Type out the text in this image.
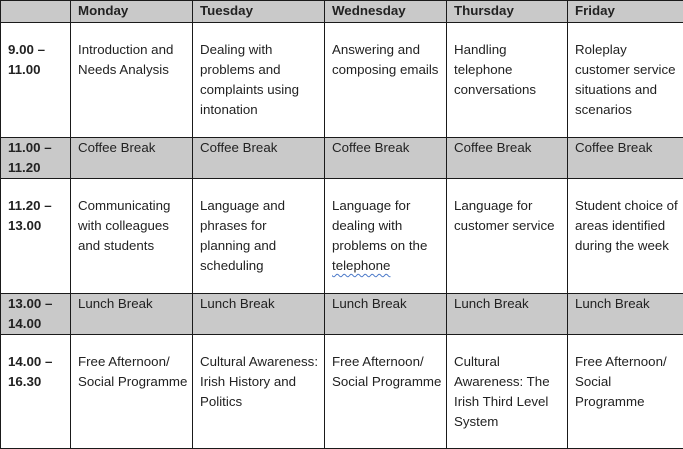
	Monday	Tuesday	Wednesday	Thursday	Friday
9.00 – 11.00	Introduction and Needs Analysis	Dealing with problems and complaints using intonation	Answering and composing emails	Handling telephone conversations	Roleplay customer service situations and scenarios
11.00 – 11.20	Coffee Break	Coffee Break	Coffee Break	Coffee Break	Coffee Break
11.20 – 13.00	Communicating with colleagues and students	Language and phrases for planning and scheduling	Language for dealing with problems on the telephone	Language for customer service	Student choice of areas identified during the week
13.00 – 14.00	Lunch Break	Lunch Break	Lunch Break	Lunch Break	Lunch Break
14.00 – 16.30	Free Afternoon/ Social Programme	Cultural Awareness: Irish History and Politics	Free Afternoon/ Social Programme	Cultural Awareness: The Irish Third Level System	Free Afternoon/ Social Programme
